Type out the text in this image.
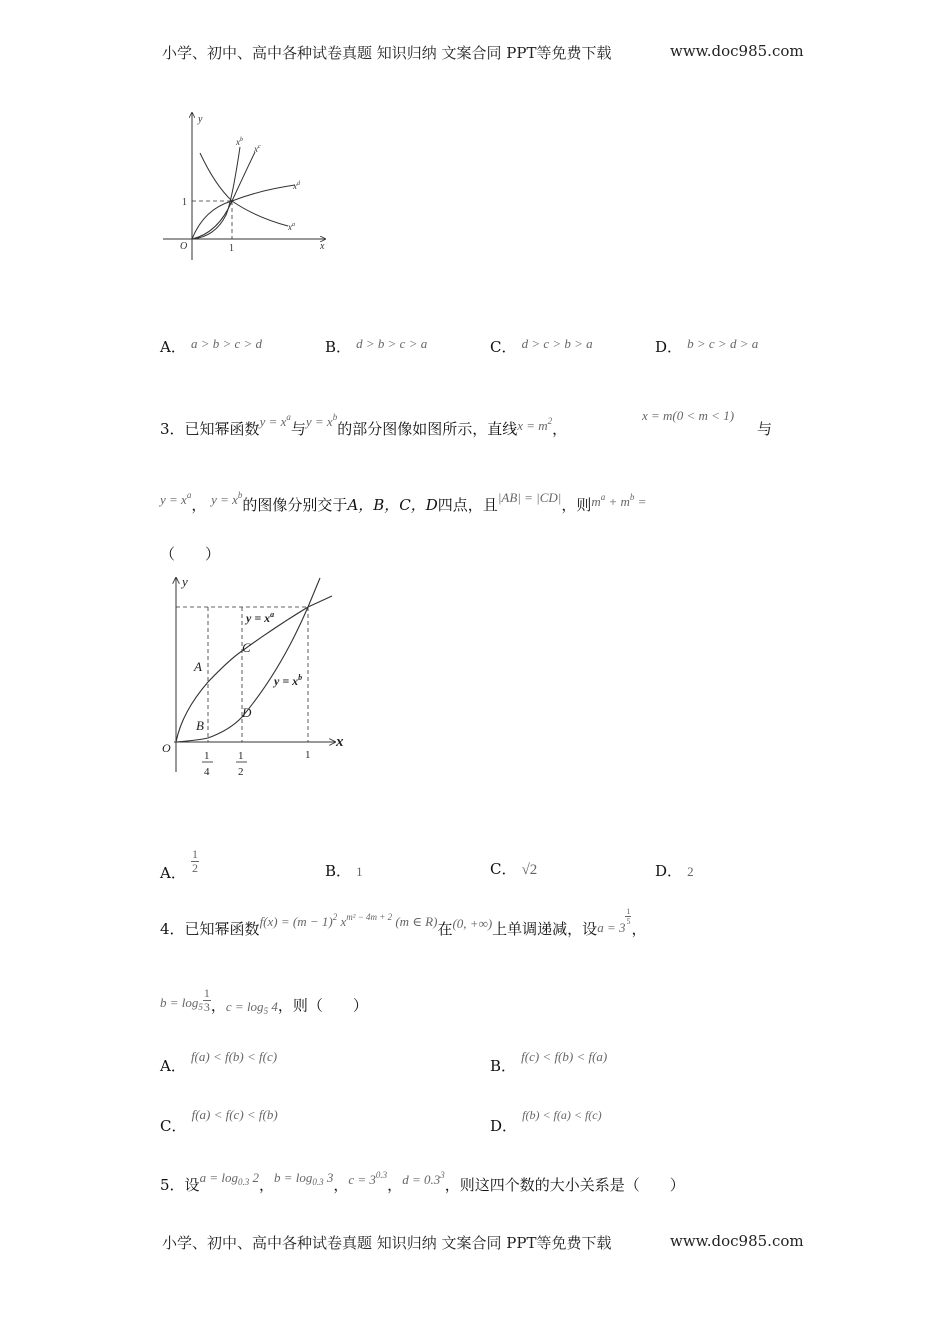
小学、初中、高中各种试卷真题 知识归纳 文案合同 PPT等免费下载	www.doc985.com
y
x
O	1
1
$x^b$
$x^c$
$x^d$
$x^a$
A． $^{a > b > c > d}$	B． $^{d > b > c > a}$	C． $^{d > c > b > a}$	D． $^{b > c > d > a}$
3．已知幂函数$y = x^a$与$y = x^b$的部分图像如图所示，直线$x = m^2$，
x = m(0 < m < 1)
与
$y = x^a$， $y = x^b$的图像分别交于A，B，C，D四点，且|AB| = |CD|，则$m^a + m^b$ =
（　　）
y
x
O
$y = x^a$
$y = x^b$
A
B
C
D
1
4
1
2
1
A． $\frac{1}{2}$	B． 1	C． √2	D． 2
4．已知幂函数$f(x) = (m - 1)^2$ $x^{m^2 - 4m + 2}$ (m ∈ R)在(0, +∞)上单调递减，设a = 3
$\frac{1}{5}$
，
$b = \log_5 \frac{1}{3}$ ，$c = \log_5 4$，则（　　）
A． f(a) < f(b) < f(c)
B． f(c) < f(b) < f(a)
C． f(a) < f(c) < f(b)
D． f(b) < f(a) < f(c)
5．设$a = \log_{0.3} 2$，$b = \log_{0.3} 3$，$c = 3^{0.3}$，$d = 0.3^3$，则这四个数的大小关系是（　　）
小学、初中、高中各种试卷真题 知识归纳 文案合同 PPT等免费下载	www.doc985.com
